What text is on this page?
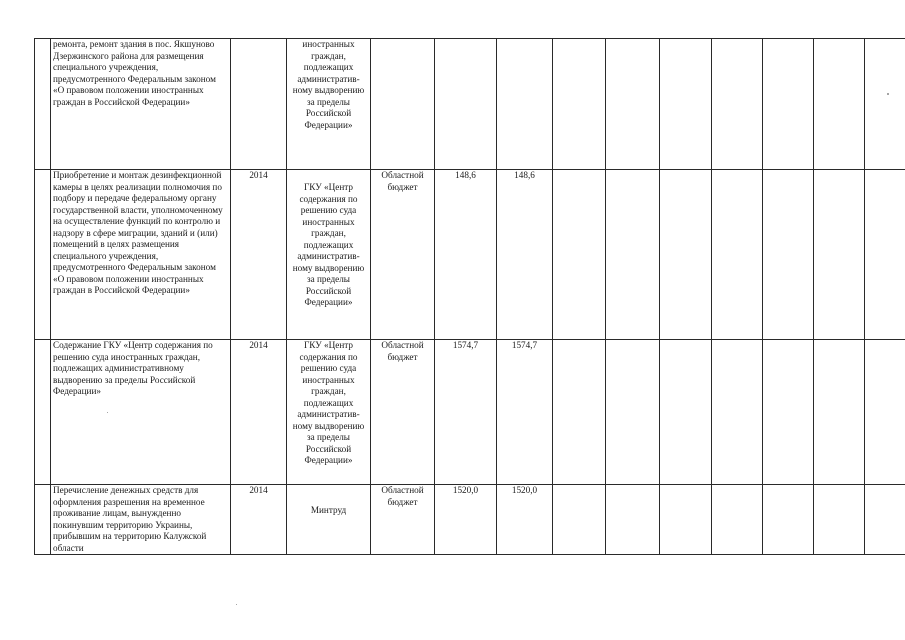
	ремонта, ремонт здания в пос. Якшуново Дзержинского района для размещения специального учреждения, предусмотренного Федеральным законом «О правовом положении иностранных граждан в Российской Федерации»		иностранных граждан, подлежащих административ- ному выдворению за пределы Российской Федерации»										
	Приобретение и монтаж дезинфекционной камеры в целях реализации полномочия по подбору и передаче федеральному органу государственной власти, уполномоченному на осуществление функций по контролю и надзору в сфере миграции, зданий и (или) помещений в целях размещения специального учреждения, предусмотренного Федеральным законом «О правовом положении иностранных граждан в Российской Федерации»	2014	ГКУ «Центр содержания по решению суда иностранных граждан, подлежащих административ- ному выдворению за пределы Российской Федерации»	Областной бюджет	148,6	148,6							
	Содержание ГКУ «Центр содержания по решению суда иностранных граждан, подлежащих административному выдворению за пределы Российской Федерации»	2014	ГКУ «Центр содержания по решению суда иностранных граждан, подлежащих административ- ному выдворению за пределы Российской Федерации»	Областной бюджет	1574,7	1574,7							
	Перечисление денежных средств для оформления разрешения на временное проживание лицам, вынужденно покинувшим территорию Украины, прибывшим на территорию Калужской области	2014	Минтруд	Областной бюджет	1520,0	1520,0							
